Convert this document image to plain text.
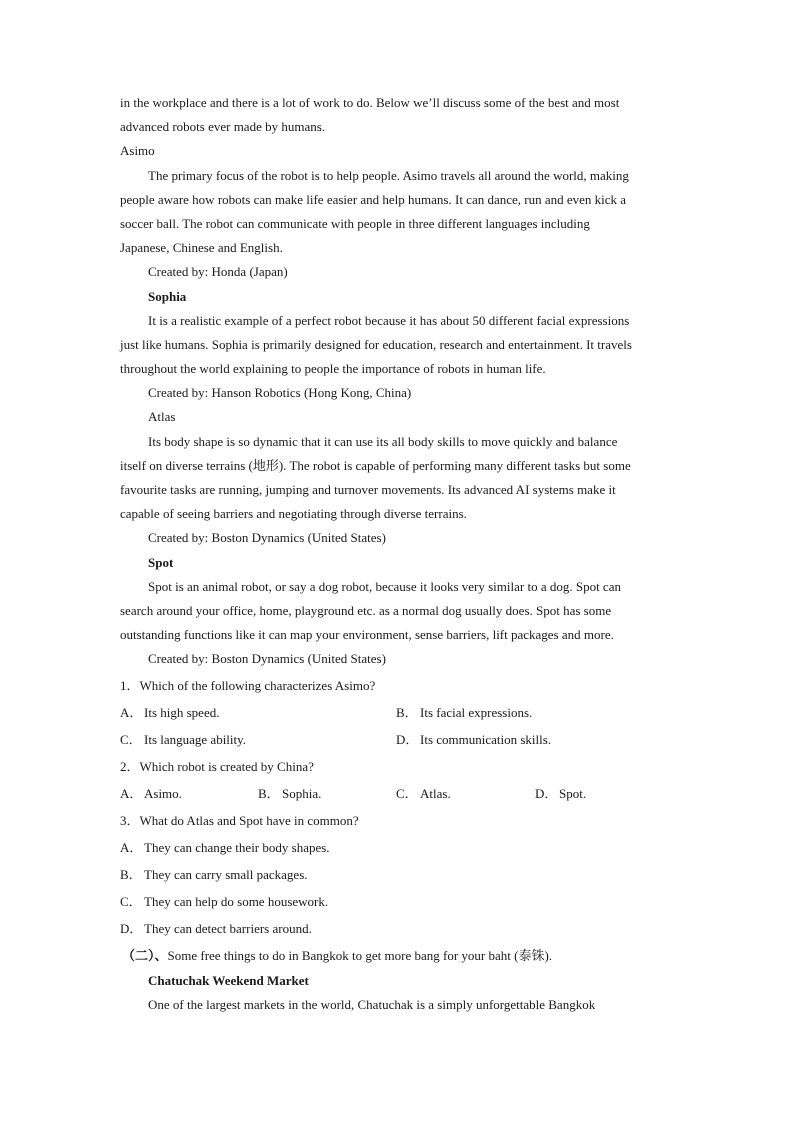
in the workplace and there is a lot of work to do. Below we’ll discuss some of the best and most
advanced robots ever made by humans.
Asimo
The primary focus of the robot is to help people. Asimo travels all around the world, making
people aware how robots can make life easier and help humans. It can dance, run and even kick a
soccer ball. The robot can communicate with people in three different languages including
Japanese, Chinese and English.
Created by: Honda (Japan)
Sophia
It is a realistic example of a perfect robot because it has about 50 different facial expressions
just like humans. Sophia is primarily designed for education, research and entertainment. It travels
throughout the world explaining to people the importance of robots in human life.
Created by: Hanson Robotics (Hong Kong, China)
Atlas
Its body shape is so dynamic that it can use its all body skills to move quickly and balance
itself on diverse terrains (地形). The robot is capable of performing many different tasks but some
favourite tasks are running, jumping and turnover movements. Its advanced AI systems make it
capable of seeing barriers and negotiating through diverse terrains.
Created by: Boston Dynamics (United States)
Spot
Spot is an animal robot, or say a dog robot, because it looks very similar to a dog. Spot can
search around your office, home, playground etc. as a normal dog usually does. Spot has some
outstanding functions like it can map your environment, sense barriers, lift packages and more.
Created by: Boston Dynamics (United States)
1．Which of the following characterizes Asimo?
A． Its high speed.	B． Its facial expressions.
C． Its language ability.	D． Its communication skills.
2．Which robot is created by China?
A． Asimo.	B． Sophia.	C． Atlas.	D． Spot.
3．What do Atlas and Spot have in common?
A． They can change their body shapes.
B． They can carry small packages.
C． They can help do some housework.
D． They can detect barriers around.
（二）、Some free things to do in Bangkok to get more bang for your baht (泰铢).
Chatuchak Weekend Market
One of the largest markets in the world, Chatuchak is a simply unforgettable Bangkok
